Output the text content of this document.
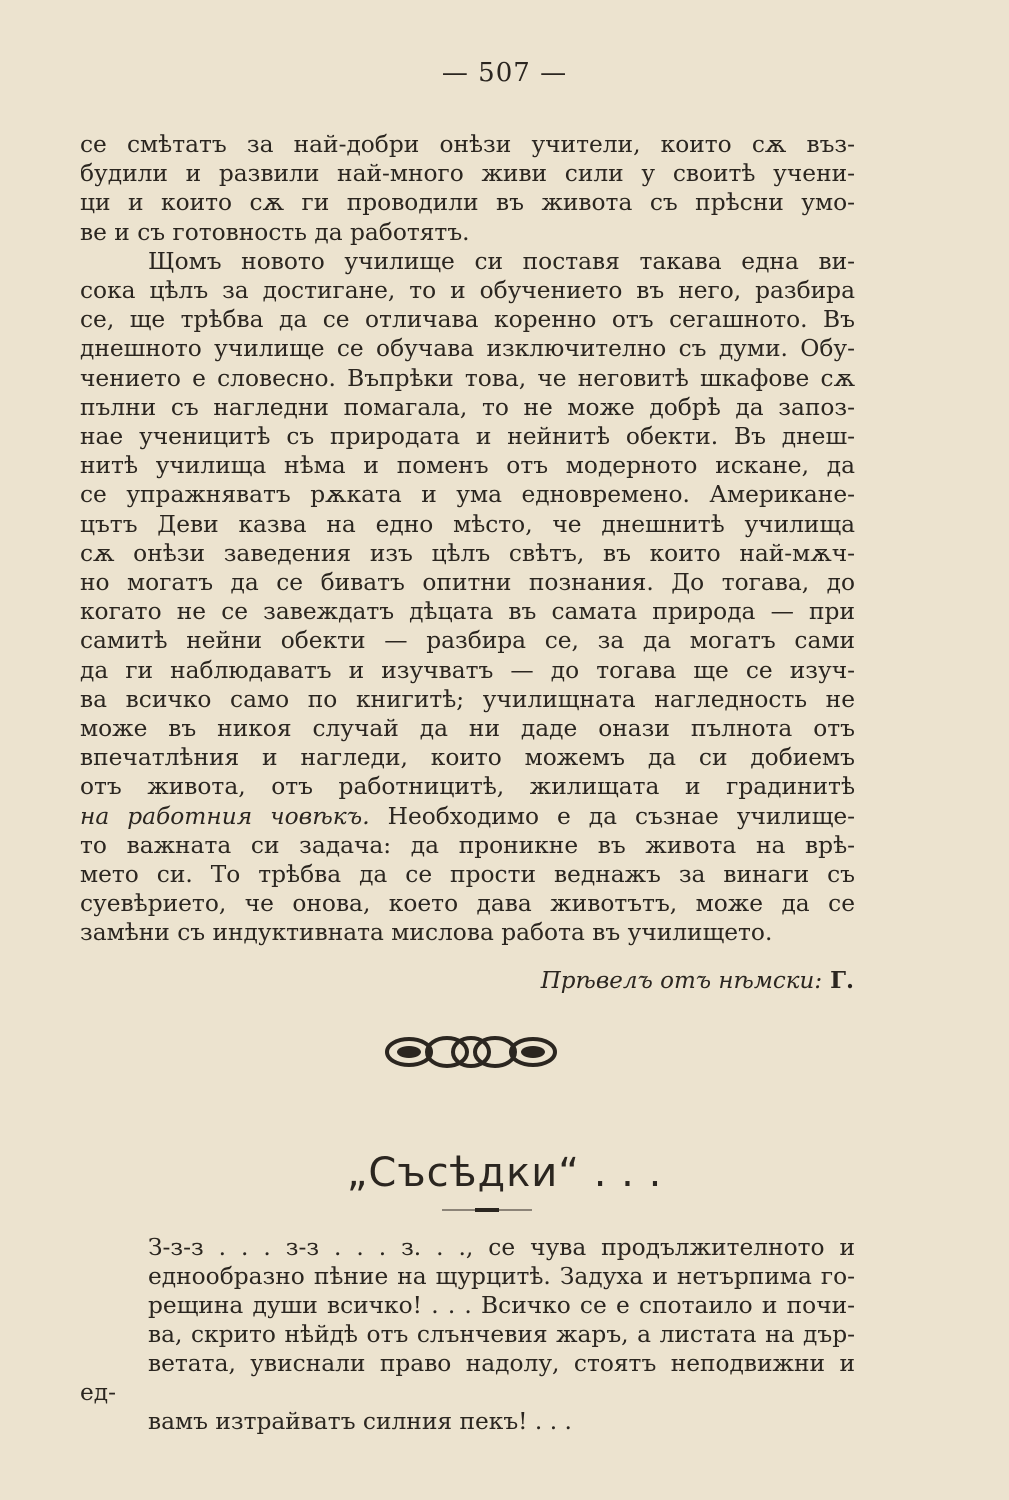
— 507 —

се смѣтатъ за най-добри онѣзи учители, които сѫ въз-
будили и развили най-много живи сили у своитѣ учени-
ци и които сѫ ги проводили въ живота съ прѣсни умо-
ве и съ готовность да работятъ.

Щомъ новото училище си поставя такава една ви-
сока цѣлъ за достигане, то и обучението въ него, разбира
се, ще трѣбва да се отличава коренно отъ сегашното. Въ
днешното училище се обучава изключително съ думи. Обу-
чението е словесно. Въпрѣки това, че неговитѣ шкафове сѫ
пълни съ нагледни помагала, то не може добрѣ да запоз-
нае ученицитѣ съ природата и нейнитѣ обекти. Въ днеш-
нитѣ училища нѣма и поменъ отъ модерното искане, да
се упражняватъ рѫката и ума едновремено. Американе-
цътъ Деви казва на едно мѣсто, че днешнитѣ училища
сѫ онѣзи заведения изъ цѣлъ свѣтъ, въ които най-мѫч-
но могатъ да се биватъ опитни познания. До тогава, до
когато не се завеждатъ дѣцата въ самата природа — при
самитѣ нейни обекти — разбира се, за да могатъ сами
да ги наблюдаватъ и изучватъ — до тогава ще се изуч-
ва всичко само по книгитѣ; училищната нагледность не
може въ никоя случай да ни даде онази пълнота отъ
впечатлѣния и нагледи, които можемъ да си добиемъ
отъ живота, отъ работницитѣ, жилищата и градинитѣ
на работния човѣкъ. Необходимо е да съзнае училище-
то важната си задача: да проникне въ живота на врѣ-
мето си. То трѣбва да се прости веднажъ за винаги съ
суевѣрието, че онова, което дава животътъ, може да се
замѣни съ индуктивната мислова работа въ училището.

Прѣвелъ отъ нѣмски: Г.
„Съсѣдки“ . . .

З-з-з . . . з-з . . . з. . ., се чува продължителното и
еднообразно пѣние на щурцитѣ. Задуха и нетърпима го-
рещина души всичко! . . . Всичко се е спотаило и почи-
ва, скрито нѣйдѣ отъ слънчевия жаръ, а листата на дър-
ветата, увиснали право надолу, стоятъ неподвижни и ед-
вамъ изтрайватъ силния пекъ! . . .
